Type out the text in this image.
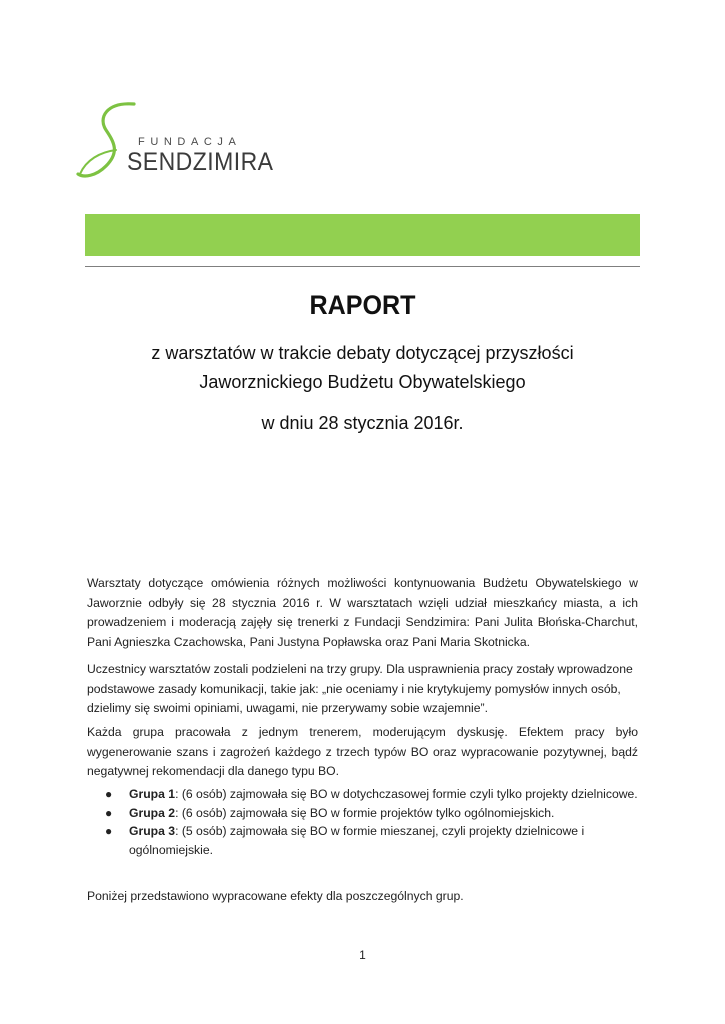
FUNDACJA
SENDZIMIRA
RAPORT
z warsztatów w trakcie debaty dotyczącej przyszłości
Jaworznickiego Budżetu Obywatelskiego
w dniu 28 stycznia 2016r.

Warsztaty dotyczące omówienia różnych możliwości kontynuowania Budżetu Obywatelskiego w Jaworznie odbyły się 28 stycznia 2016 r. W warsztatach wzięli udział mieszkańcy miasta, a ich prowadzeniem i moderacją zajęły się trenerki z Fundacji Sendzimira: Pani Julita Błońska-Charchut, Pani Agnieszka Czachowska, Pani Justyna Popławska oraz Pani Maria Skotnicka.

Uczestnicy warsztatów zostali podzieleni na trzy grupy. Dla usprawnienia pracy zostały wprowadzone podstawowe zasady komunikacji, takie jak: „nie oceniamy i nie krytykujemy pomysłów innych osób, dzielimy się swoimi opiniami, uwagami, nie przerywamy sobie wzajemnie”.

Każda grupa pracowała z jednym trenerem, moderującym dyskusję. Efektem pracy było wygenerowanie szans i zagrożeń każdego z trzech typów BO oraz wypracowanie pozytywnej, bądź negatywnej rekomendacji dla danego typu BO.

● Grupa 1: (6 osób) zajmowała się BO w dotychczasowej formie czyli tylko projekty dzielnicowe.
● Grupa 2: (6 osób) zajmowała się BO w formie projektów tylko ogólnomiejskich.
● Grupa 3: (5 osób) zajmowała się BO w formie mieszanej, czyli projekty dzielnicowe i ogólnomiejskie.

Poniżej przedstawiono wypracowane efekty dla poszczególnych grup.

1
